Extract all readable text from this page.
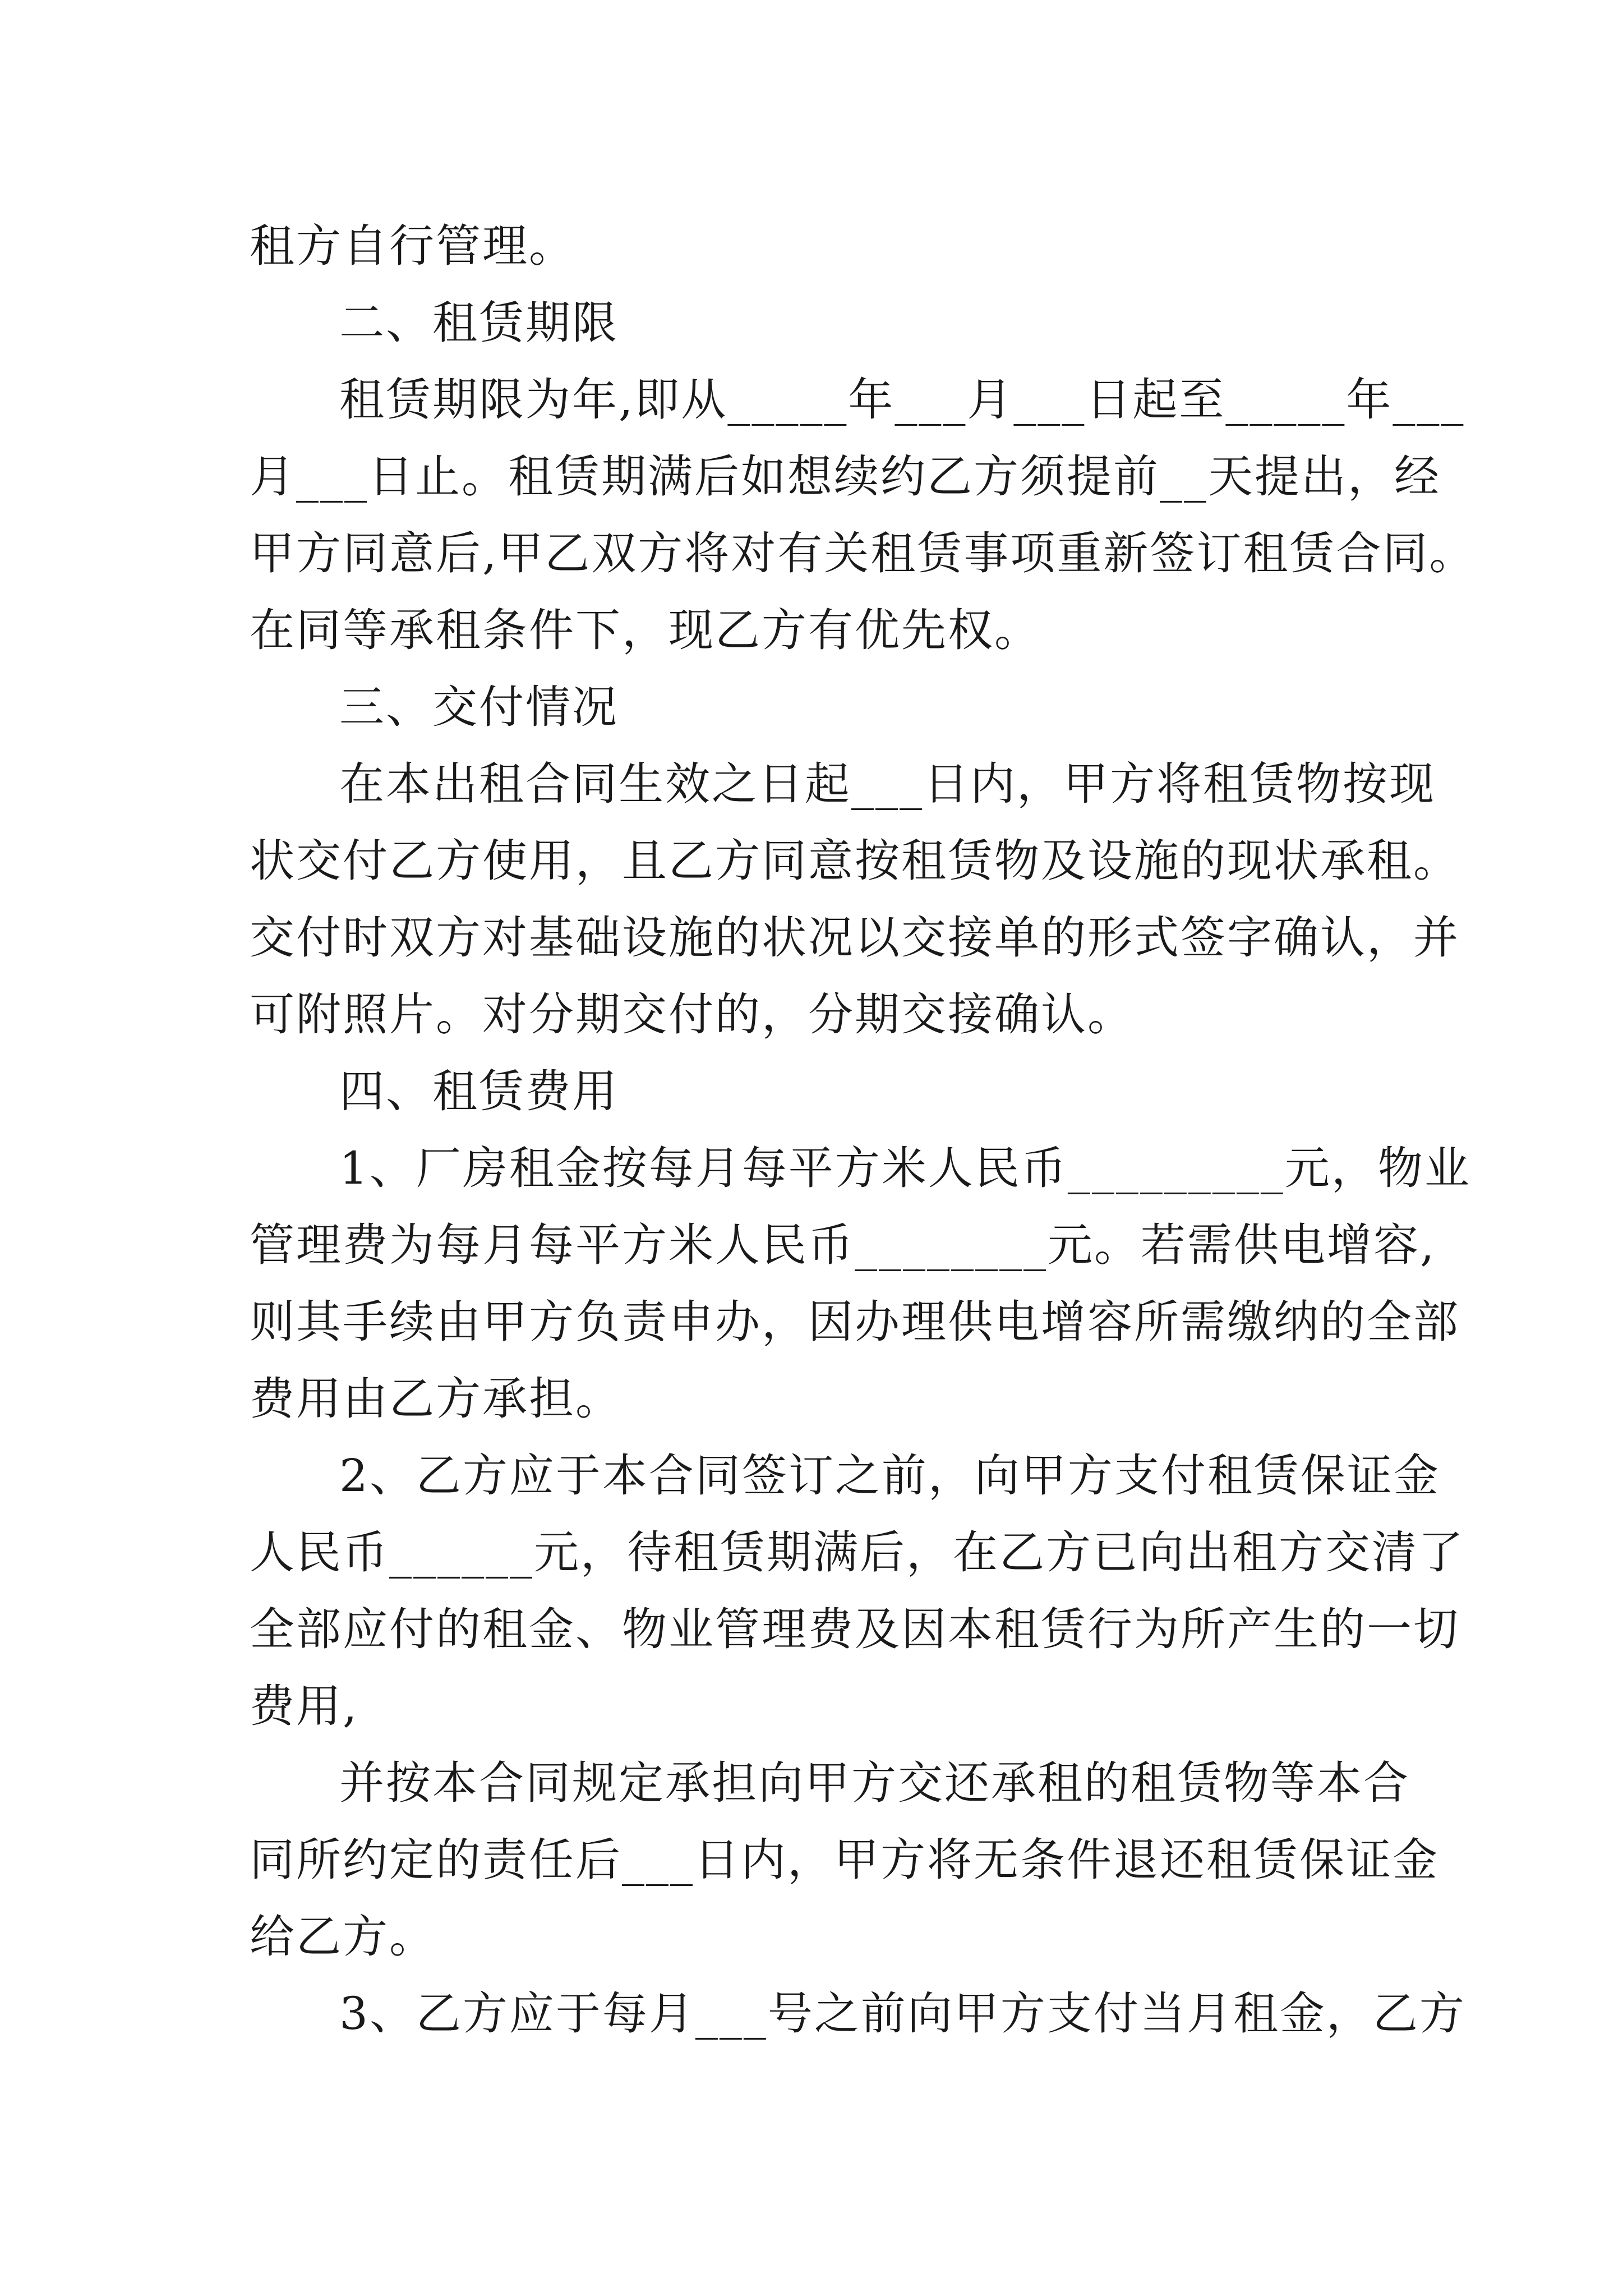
租方自行管理。

二、租赁期限

租赁期限为年,即从_____年___月___日起至_____年___

月___日止。租赁期满后如想续约乙方须提前__天提出，经

甲方同意后,甲乙双方将对有关租赁事项重新签订租赁合同。

在同等承租条件下，现乙方有优先权。

三、交付情况

在本出租合同生效之日起___日内，甲方将租赁物按现

状交付乙方使用，且乙方同意按租赁物及设施的现状承租。

交付时双方对基础设施的状况以交接单的形式签字确认，并

可附照片。对分期交付的，分期交接确认。

四、租赁费用

1、厂房租金按每月每平方米人民币_________元，物业

管理费为每月每平方米人民币________元。若需供电增容,

则其手续由甲方负责申办，因办理供电增容所需缴纳的全部

费用由乙方承担。

2、乙方应于本合同签订之前，向甲方支付租赁保证金

人民币______元，待租赁期满后，在乙方已向出租方交清了

全部应付的租金、物业管理费及因本租赁行为所产生的一切

费用,

并按本合同规定承担向甲方交还承租的租赁物等本合

同所约定的责任后___日内，甲方将无条件退还租赁保证金

给乙方。

3、乙方应于每月___号之前向甲方支付当月租金，乙方
